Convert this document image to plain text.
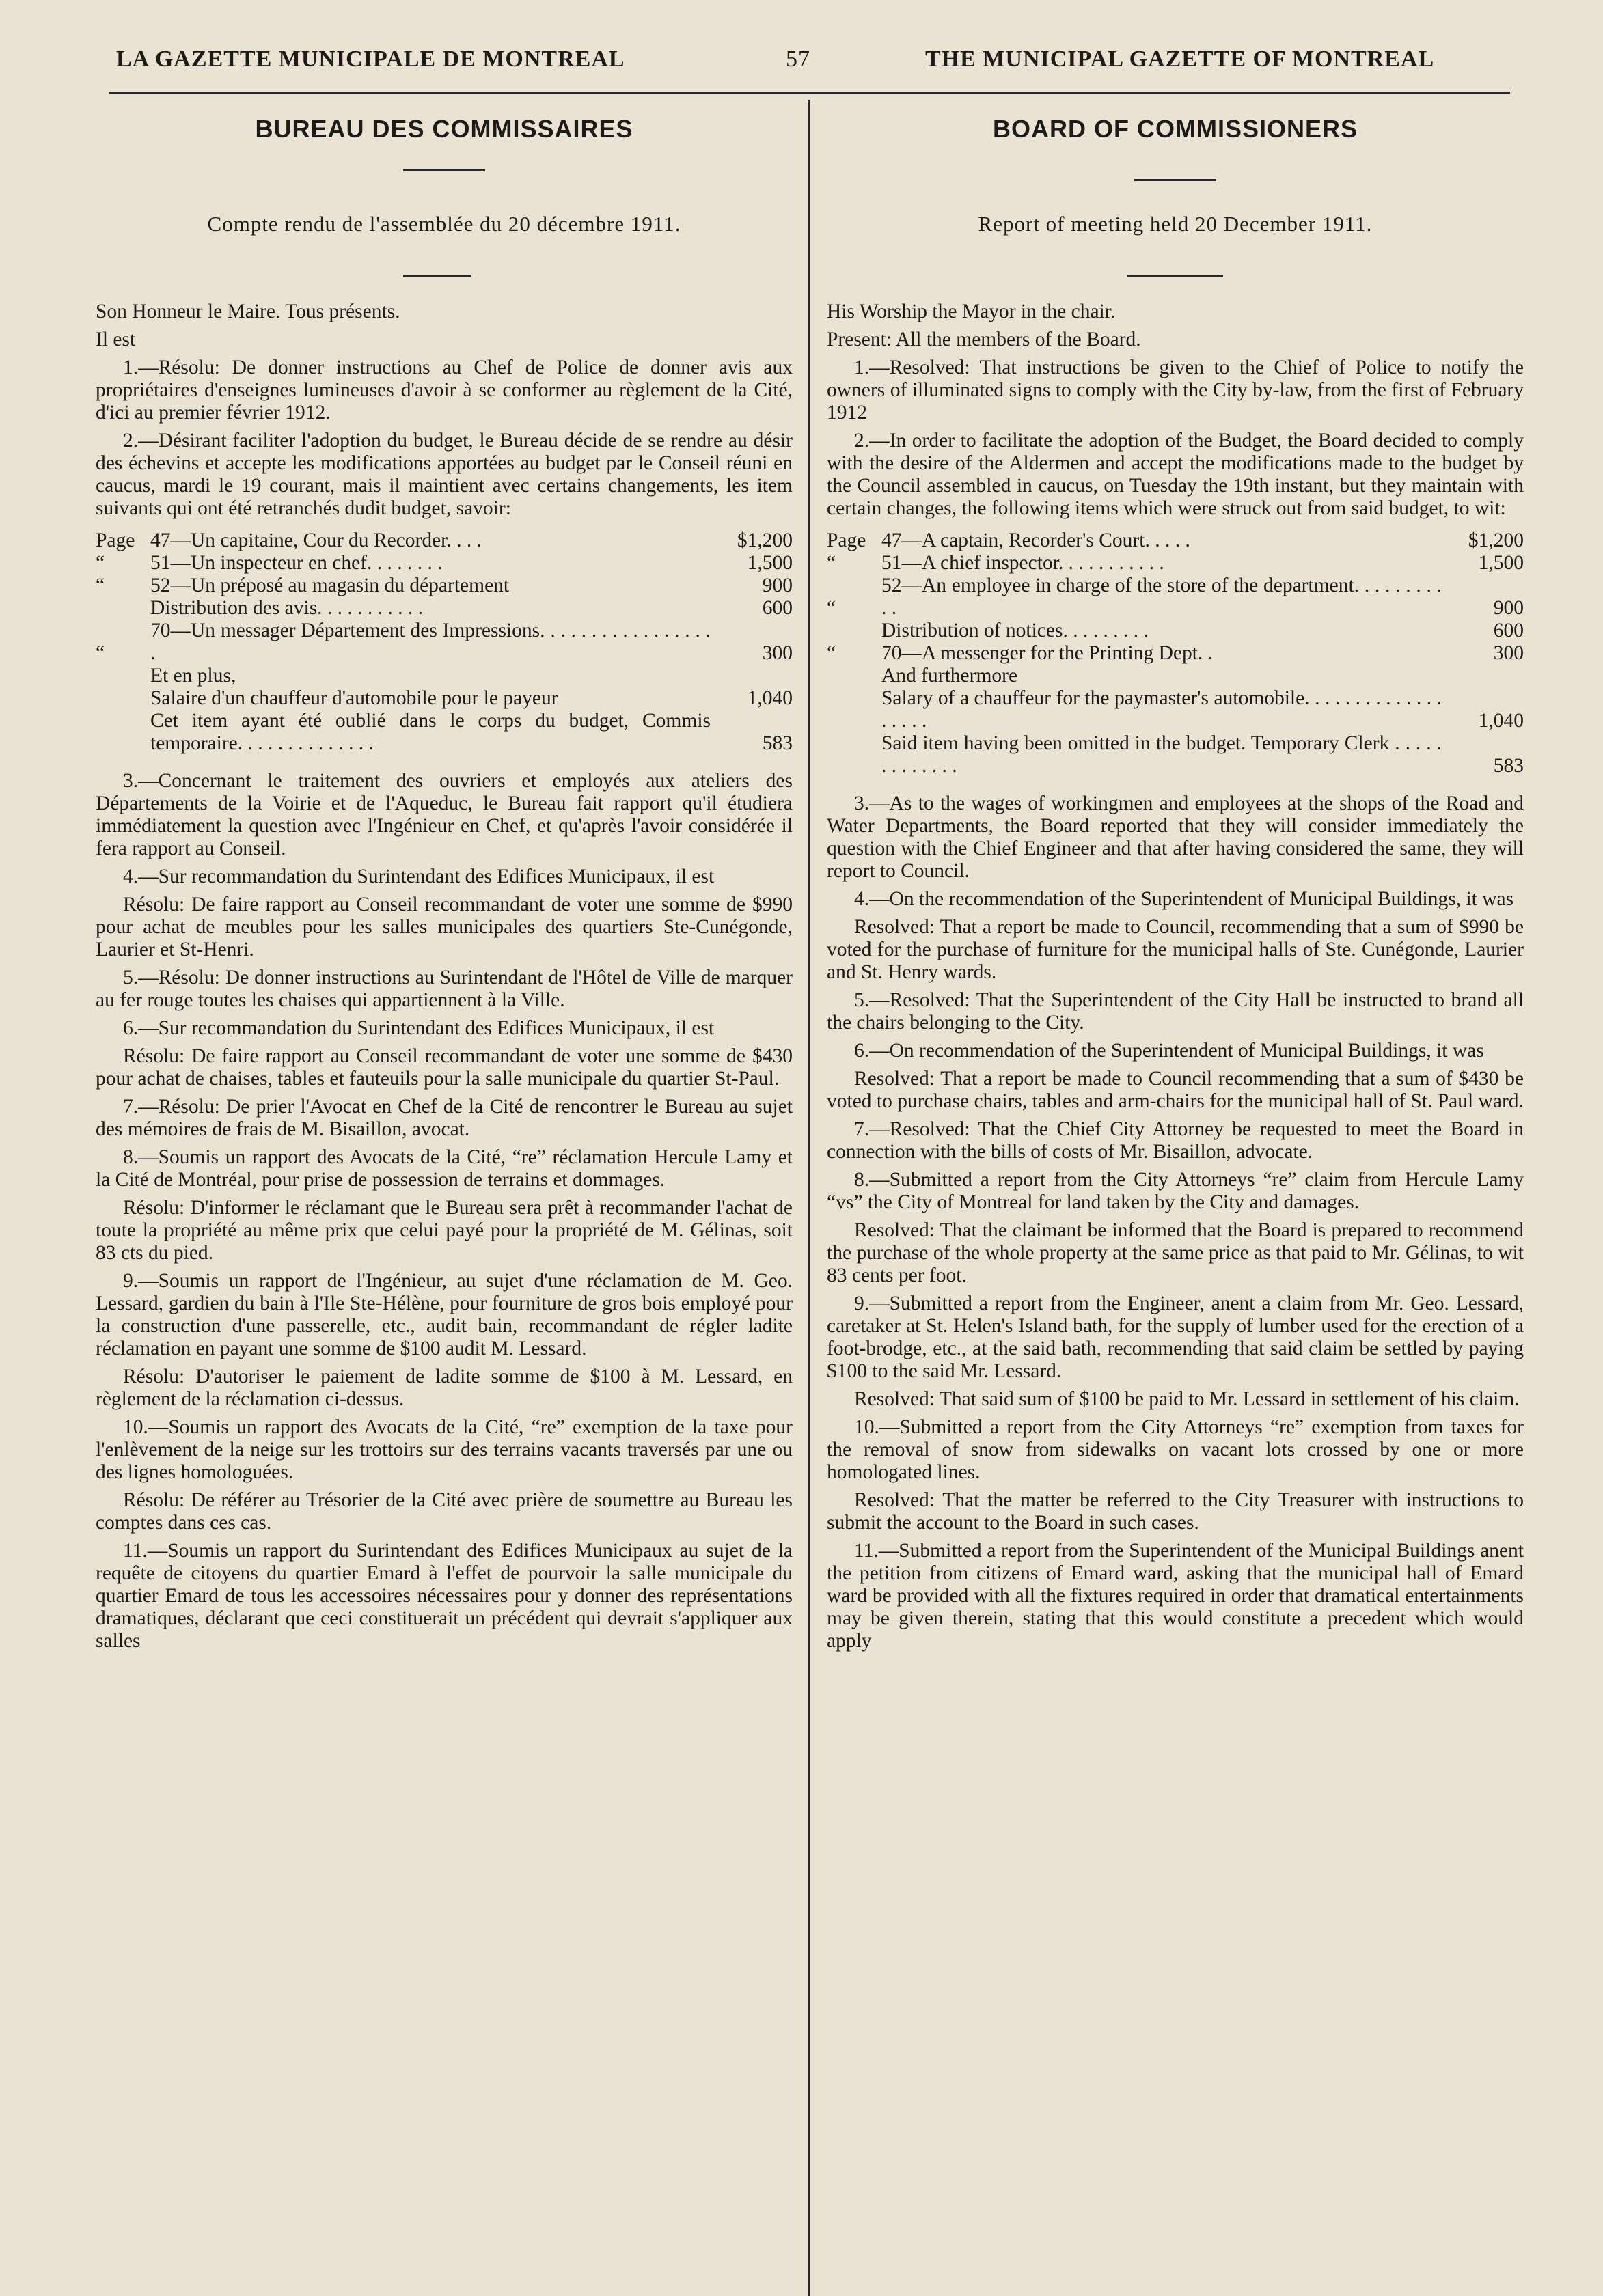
LA GAZETTE MUNICIPALE DE MONTREAL	57	THE MUNICIPAL GAZETTE OF MONTREAL
BUREAU DES COMMISSAIRES
Compte rendu de l'assemblée du 20 décembre 1911.

Son Honneur le Maire. Tous présents.

Il est

1.—Résolu: De donner instructions au Chef de Police de donner avis aux propriétaires d'enseignes lumineuses d'avoir à se conformer au règlement de la Cité, d'ici au premier février 1912.

2.—Désirant faciliter l'adoption du budget, le Bureau décide de se rendre au désir des échevins et accepte les modifications apportées au budget par le Conseil réuni en caucus, mardi le 19 courant, mais il maintient avec certains changements, les item suivants qui ont été retranchés dudit budget, savoir:

Page	47—Un capitaine, Cour du Recorder. . . .	$1,200
“	51—Un inspecteur en chef. . . . . . . .	1,500
“	52—Un préposé au magasin du département	900
	Distribution des avis. . . . . . . . . . .	600
“	70—Un messager Département des Impressions. . . . . . . . . . . . . . . . . .	300
	Et en plus,	
	Salaire d'un chauffeur d'automobile pour le payeur	1,040
	Cet item ayant été oublié dans le corps du budget, Commis temporaire. . . . . . . . . . . . . .	583

3.—Concernant le traitement des ouvriers et employés aux ateliers des Départements de la Voirie et de l'Aqueduc, le Bureau fait rapport qu'il étudiera immédiatement la question avec l'Ingénieur en Chef, et qu'après l'avoir considérée il fera rapport au Conseil.

4.—Sur recommandation du Surintendant des Edifices Municipaux, il est

Résolu: De faire rapport au Conseil recommandant de voter une somme de $990 pour achat de meubles pour les salles municipales des quartiers Ste-Cunégonde, Laurier et St-Henri.

5.—Résolu: De donner instructions au Surintendant de l'Hôtel de Ville de marquer au fer rouge toutes les chaises qui appartiennent à la Ville.

6.—Sur recommandation du Surintendant des Edifices Municipaux, il est

Résolu: De faire rapport au Conseil recommandant de voter une somme de $430 pour achat de chaises, tables et fauteuils pour la salle municipale du quartier St-Paul.

7.—Résolu: De prier l'Avocat en Chef de la Cité de rencontrer le Bureau au sujet des mémoires de frais de M. Bisaillon, avocat.

8.—Soumis un rapport des Avocats de la Cité, “re” réclamation Hercule Lamy et la Cité de Montréal, pour prise de possession de terrains et dommages.

Résolu: D'informer le réclamant que le Bureau sera prêt à recommander l'achat de toute la propriété au même prix que celui payé pour la propriété de M. Gélinas, soit 83 cts du pied.

9.—Soumis un rapport de l'Ingénieur, au sujet d'une réclamation de M. Geo. Lessard, gardien du bain à l'Ile Ste-Hélène, pour fourniture de gros bois employé pour la construction d'une passerelle, etc., audit bain, recommandant de régler ladite réclamation en payant une somme de $100 audit M. Lessard.

Résolu: D'autoriser le paiement de ladite somme de $100 à M. Lessard, en règlement de la réclamation ci-dessus.

10.—Soumis un rapport des Avocats de la Cité, “re” exemption de la taxe pour l'enlèvement de la neige sur les trottoirs sur des terrains vacants traversés par une ou des lignes homologuées.

Résolu: De référer au Trésorier de la Cité avec prière de soumettre au Bureau les comptes dans ces cas.

11.—Soumis un rapport du Surintendant des Edifices Municipaux au sujet de la requête de citoyens du quartier Emard à l'effet de pourvoir la salle municipale du quartier Emard de tous les accessoires nécessaires pour y donner des représentations dramatiques, déclarant que ceci constituerait un précédent qui devrait s'appliquer aux salles

BOARD OF COMMISSIONERS
Report of meeting held 20 December 1911.

His Worship the Mayor in the chair.

Present: All the members of the Board.

1.—Resolved: That instructions be given to the Chief of Police to notify the owners of illuminated signs to comply with the City by-law, from the first of February 1912

2.—In order to facilitate the adoption of the Budget, the Board decided to comply with the desire of the Aldermen and accept the modifications made to the budget by the Council assembled in caucus, on Tuesday the 19th instant, but they maintain with certain changes, the following items which were struck out from said budget, to wit:

Page	47—A captain, Recorder's Court. . . . .	$1,200
“	51—A chief inspector. . . . . . . . . . .	1,500
“	52—An employee in charge of the store of the department. . . . . . . . . . .	900
	Distribution of notices. . . . . . . . .	600
“	70—A messenger for the Printing Dept. .	300
	And furthermore	
	Salary of a chauffeur for the paymaster's automobile. . . . . . . . . . . . . . . . . . .	1,040
	Said item having been omitted in the budget. Temporary Clerk . . . . . . . . . . . . .	583

3.—As to the wages of workingmen and employees at the shops of the Road and Water Departments, the Board reported that they will consider immediately the question with the Chief Engineer and that after having considered the same, they will report to Council.

4.—On the recommendation of the Superintendent of Municipal Buildings, it was

Resolved: That a report be made to Council, recommending that a sum of $990 be voted for the purchase of furniture for the municipal halls of Ste. Cunégonde, Laurier and St. Henry wards.

5.—Resolved: That the Superintendent of the City Hall be instructed to brand all the chairs belonging to the City.

6.—On recommendation of the Superintendent of Municipal Buildings, it was

Resolved: That a report be made to Council recommending that a sum of $430 be voted to purchase chairs, tables and arm-chairs for the municipal hall of St. Paul ward.

7.—Resolved: That the Chief City Attorney be requested to meet the Board in connection with the bills of costs of Mr. Bisaillon, advocate.

8.—Submitted a report from the City Attorneys “re” claim from Hercule Lamy “vs” the City of Montreal for land taken by the City and damages.

Resolved: That the claimant be informed that the Board is prepared to recommend the purchase of the whole property at the same price as that paid to Mr. Gélinas, to wit 83 cents per foot.

9.—Submitted a report from the Engineer, anent a claim from Mr. Geo. Lessard, caretaker at St. Helen's Island bath, for the supply of lumber used for the erection of a foot-brodge, etc., at the said bath, recommending that said claim be settled by paying $100 to the said Mr. Lessard.

Resolved: That said sum of $100 be paid to Mr. Lessard in settlement of his claim.

10.—Submitted a report from the City Attorneys “re” exemption from taxes for the removal of snow from sidewalks on vacant lots crossed by one or more homologated lines.

Resolved: That the matter be referred to the City Treasurer with instructions to submit the account to the Board in such cases.

11.—Submitted a report from the Superintendent of the Municipal Buildings anent the petition from citizens of Emard ward, asking that the municipal hall of Emard ward be provided with all the fixtures required in order that dramatical entertainments may be given therein, stating that this would constitute a precedent which would apply
